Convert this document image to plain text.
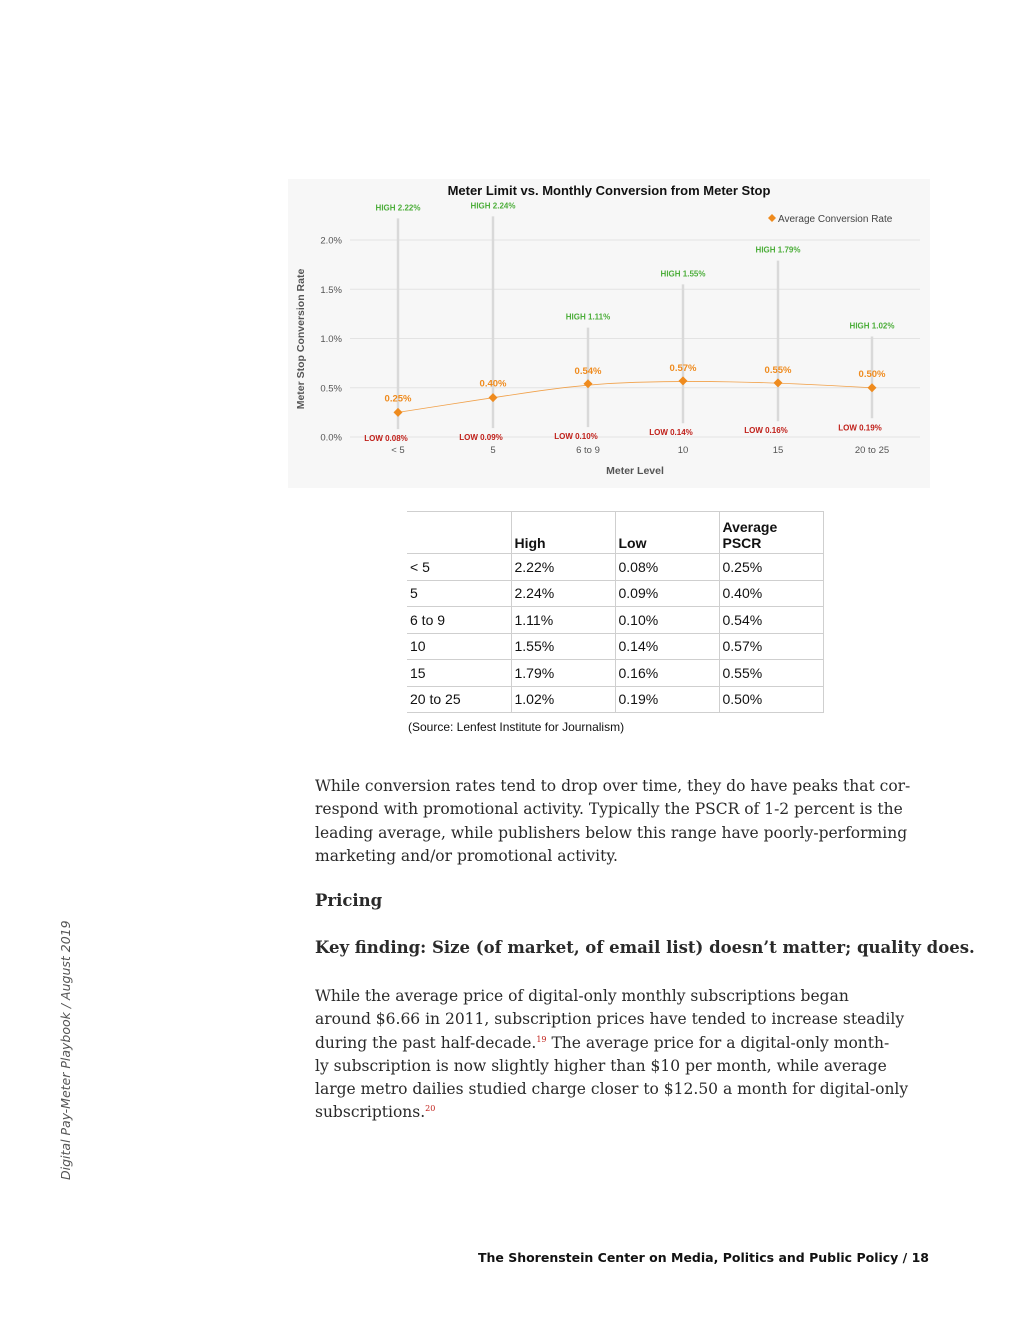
Meter Limit vs. Monthly Conversion from Meter Stop
0.0%
0.5%
1.0%
1.5%
2.0%
Meter Stop Conversion Rate
Meter Level
< 5	5	6 to 9	10	15	20 to 25
0.25%
0.40%
0.54%	0.57%	0.55%	0.50%
HIGH 2.22%	HIGH 2.24%
HIGH 1.11%
HIGH 1.55%
HIGH 1.79%
HIGH 1.02%
LOW 0.08%	LOW 0.09%	LOW 0.10%	LOW 0.14%	LOW 0.16%	LOW 0.19%
Average Conversion Rate
	High	Low	Average PSCR
< 5	2.22%	0.08%	0.25%
5	2.24%	0.09%	0.40%
6 to 9	1.11%	0.10%	0.54%
10	1.55%	0.14%	0.57%
15	1.79%	0.16%	0.55%
20 to 25	1.02%	0.19%	0.50%
(Source: Lenfest Institute for Journalism)
While conversion rates tend to drop over time, they do have peaks that cor-
respond with promotional activity. Typically the PSCR of 1-2 percent is the
leading average, while publishers below this range have poorly-performing
marketing and/or promotional activity.
Pricing
Key finding: Size (of market, of email list) doesn’t matter; quality does.
While the average price of digital-only monthly subscriptions began
around $6.66 in 2011, subscription prices have tended to increase steadily
during the past half-decade.$^{19}$ The average price for a digital-only month-
ly subscription is now slightly higher than $10 per month, while average
large metro dailies studied charge closer to $12.50 a month for digital-only
subscriptions.$^{20}$
Digital Pay-Meter Playbook / August 2019
The Shorenstein Center on Media, Politics and Public Policy / 18
